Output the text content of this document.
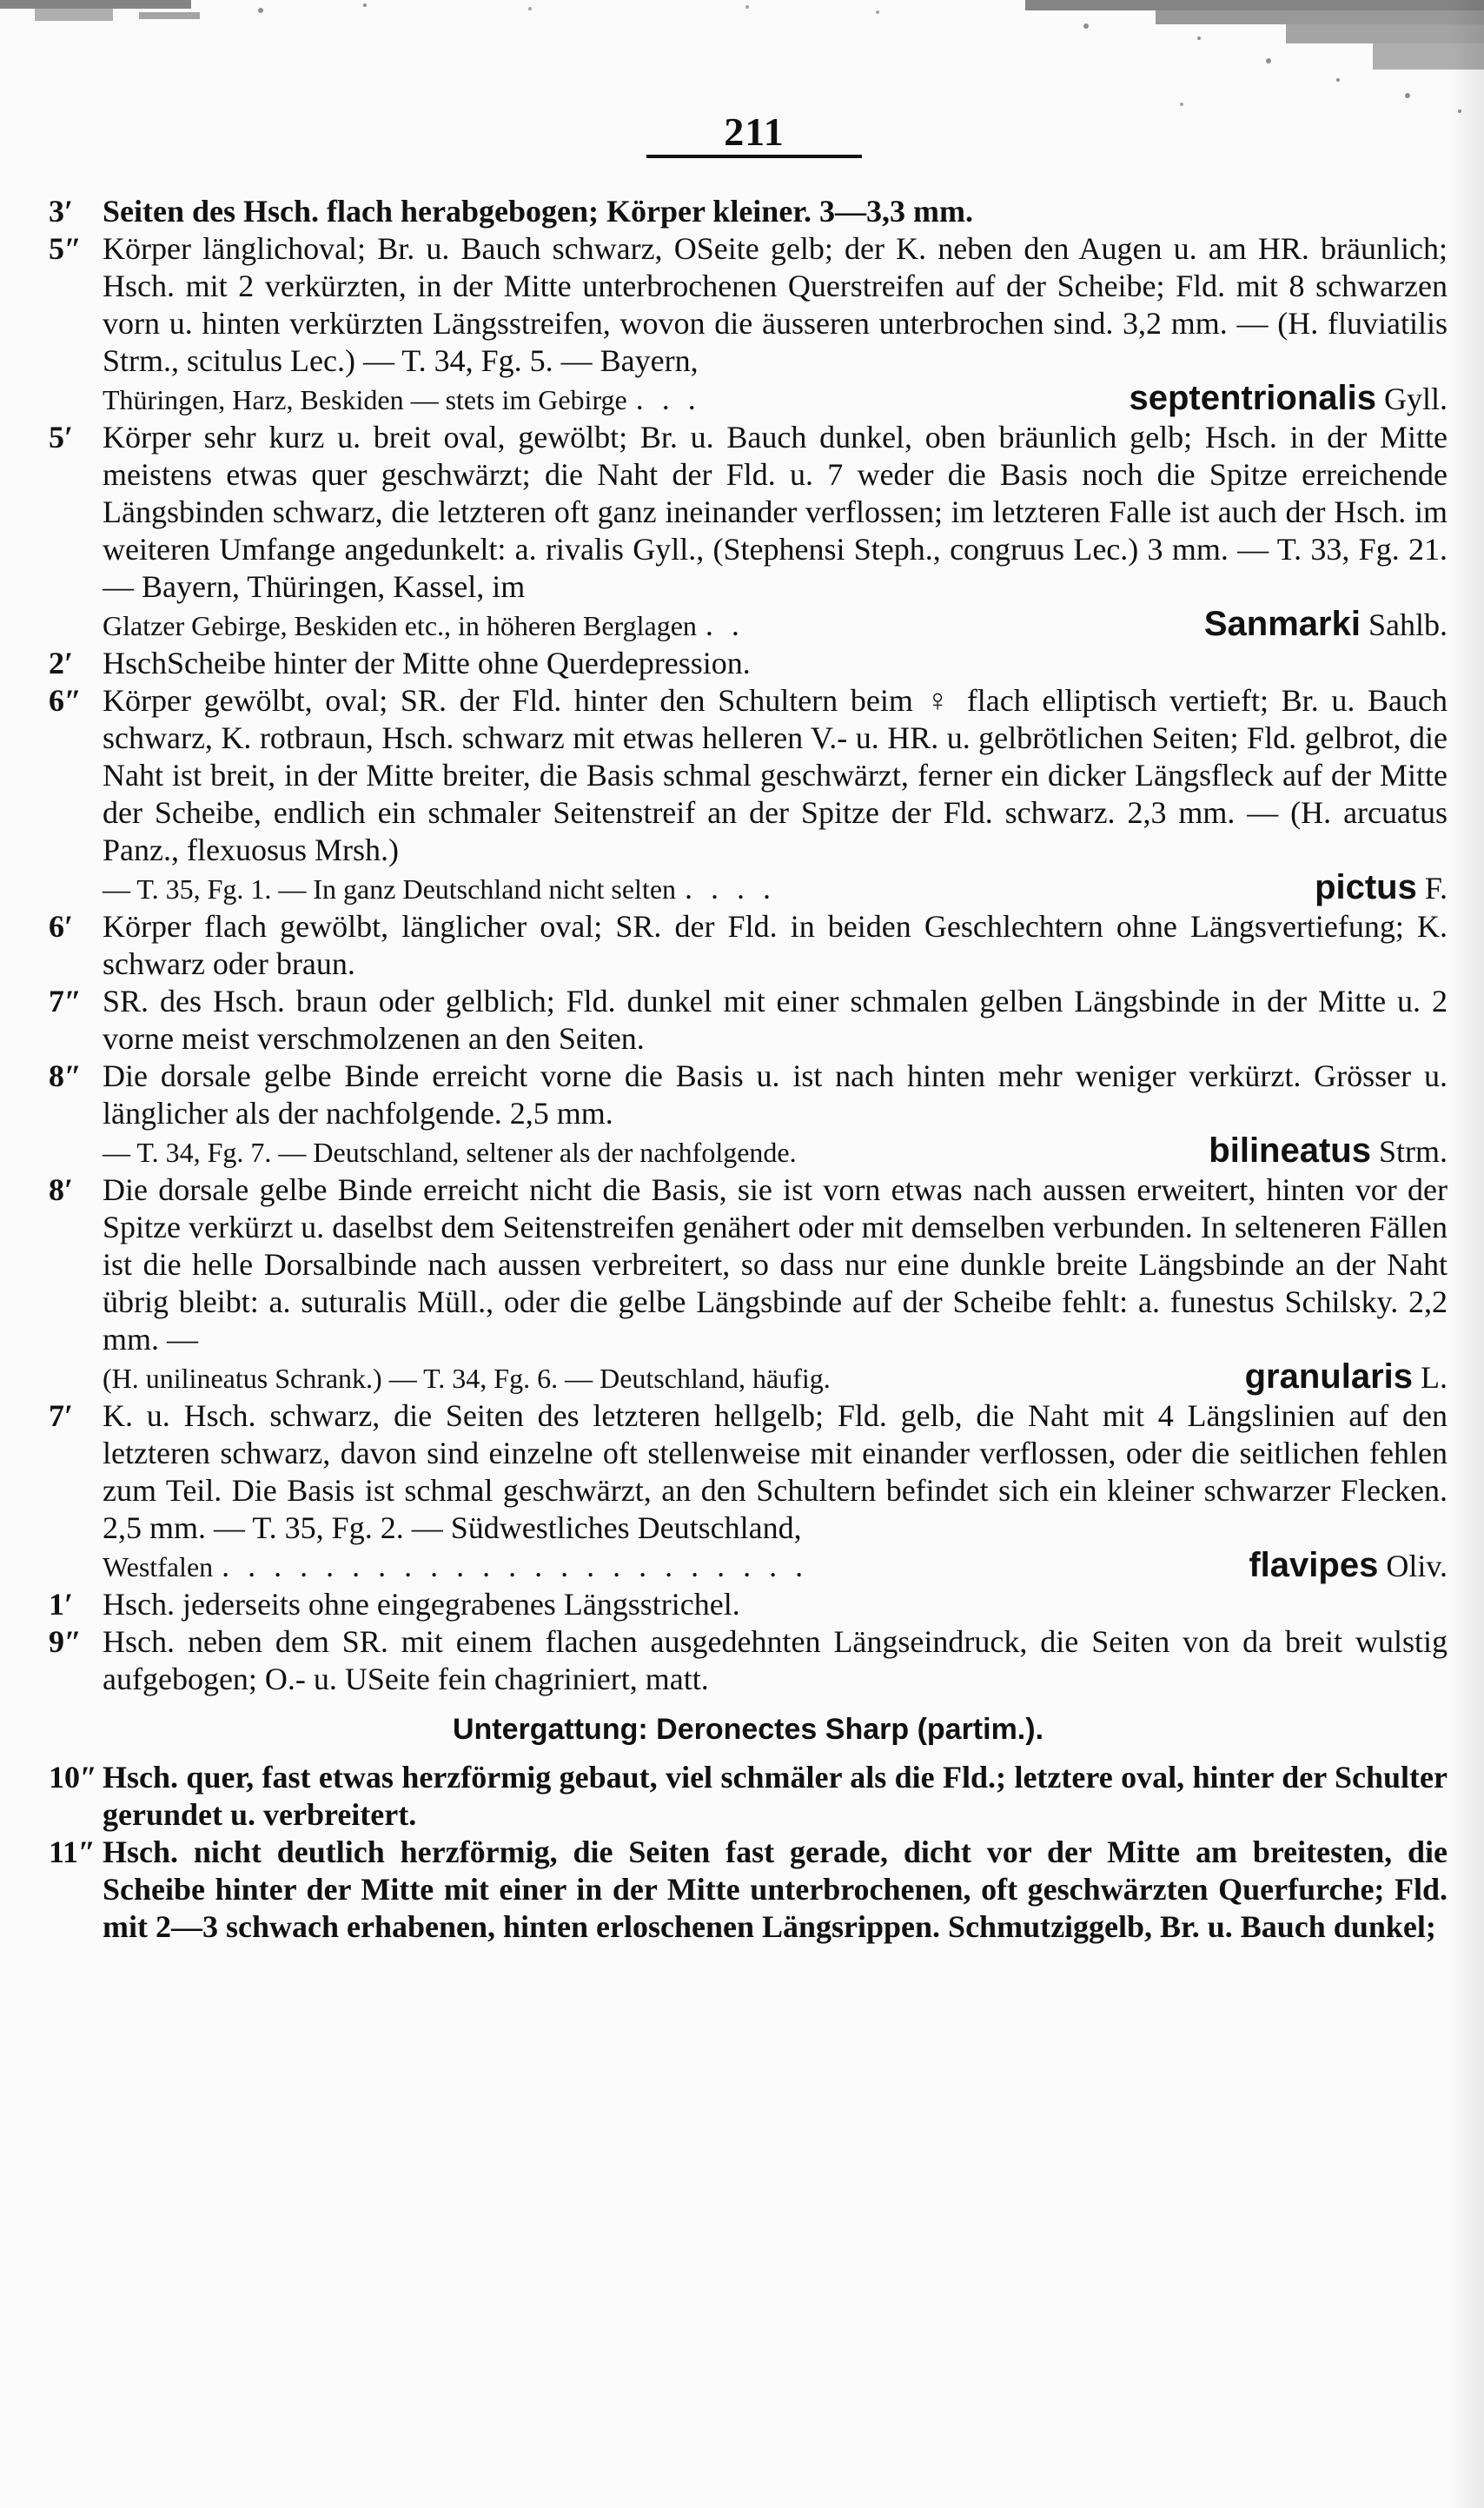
211
3′ Seiten des Hsch. flach herabgebogen; Körper kleiner. 3—3,3 mm.
5″ Körper länglichoval; Br. u. Bauch schwarz, OSeite gelb; der K. neben den Augen u. am HR. bräunlich; Hsch. mit 2 verkürzten, in der Mitte unterbrochenen Querstreifen auf der Scheibe; Fld. mit 8 schwarzen vorn u. hinten verkürzten Längsstreifen, wovon die äusseren unterbrochen sind. 3,2 mm. — (H. fluviatilis Strm., scitulus Lec.) — T. 34, Fg. 5. — Bayern,
Thüringen, Harz, Beskiden — stets im Gebirge . . .	septentrionalis Gyll.
5′ Körper sehr kurz u. breit oval, gewölbt; Br. u. Bauch dunkel, oben bräunlich gelb; Hsch. in der Mitte meistens etwas quer geschwärzt; die Naht der Fld. u. 7 weder die Basis noch die Spitze erreichende Längsbinden schwarz, die letzteren oft ganz ineinander verflossen; im letzteren Falle ist auch der Hsch. im weiteren Umfange angedunkelt: a. rivalis Gyll., (Stephensi Steph., congruus Lec.) 3 mm. — T. 33, Fg. 21. — Bayern, Thüringen, Kassel, im
Glatzer Gebirge, Beskiden etc., in höheren Berglagen . .	Sanmarki Sahlb.
2′ HschScheibe hinter der Mitte ohne Querdepression.
6″ Körper gewölbt, oval; SR. der Fld. hinter den Schultern beim ♀ flach elliptisch vertieft; Br. u. Bauch schwarz, K. rotbraun, Hsch. schwarz mit etwas helleren V.- u. HR. u. gelbrötlichen Seiten; Fld. gelbrot, die Naht ist breit, in der Mitte breiter, die Basis schmal geschwärzt, ferner ein dicker Längsfleck auf der Mitte der Scheibe, endlich ein schmaler Seitenstreif an der Spitze der Fld. schwarz. 2,3 mm. — (H. arcuatus Panz., flexuosus Mrsh.)
— T. 35, Fg. 1. — In ganz Deutschland nicht selten . . . .	pictus F.
6′ Körper flach gewölbt, länglicher oval; SR. der Fld. in beiden Geschlechtern ohne Längsvertiefung; K. schwarz oder braun.
7″ SR. des Hsch. braun oder gelblich; Fld. dunkel mit einer schmalen gelben Längsbinde in der Mitte u. 2 vorne meist verschmolzenen an den Seiten.
8″ Die dorsale gelbe Binde erreicht vorne die Basis u. ist nach hinten mehr weniger verkürzt. Grösser u. länglicher als der nachfolgende. 2,5 mm.
— T. 34, Fg. 7. — Deutschland, seltener als der nachfolgende.	bilineatus Strm.
8′ Die dorsale gelbe Binde erreicht nicht die Basis, sie ist vorn etwas nach aussen erweitert, hinten vor der Spitze verkürzt u. daselbst dem Seitenstreifen genähert oder mit demselben verbunden. In selteneren Fällen ist die helle Dorsalbinde nach aussen verbreitert, so dass nur eine dunkle breite Längsbinde an der Naht übrig bleibt: a. suturalis Müll., oder die gelbe Längsbinde auf der Scheibe fehlt: a. funestus Schilsky. 2,2 mm. —
(H. unilineatus Schrank.) — T. 34, Fg. 6. — Deutschland, häufig.	granularis L.
7′ K. u. Hsch. schwarz, die Seiten des letzteren hellgelb; Fld. gelb, die Naht mit 4 Längslinien auf den letzteren schwarz, davon sind einzelne oft stellenweise mit einander verflossen, oder die seitlichen fehlen zum Teil. Die Basis ist schmal geschwärzt, an den Schultern befindet sich ein kleiner schwarzer Flecken. 2,5 mm. — T. 35, Fg. 2. — Südwestliches Deutschland,
Westfalen . . . . . . . . . . . . . . . . . . . . . . .	flavipes Oliv.
1′ Hsch. jederseits ohne eingegrabenes Längsstrichel.
9″ Hsch. neben dem SR. mit einem flachen ausgedehnten Längseindruck, die Seiten von da breit wulstig aufgebogen; O.- u. USeite fein chagriniert, matt.
Untergattung: Deronectes Sharp (partim.).
10″ Hsch. quer, fast etwas herzförmig gebaut, viel schmäler als die Fld.; letztere oval, hinter der Schulter gerundet u. verbreitert.
11″ Hsch. nicht deutlich herzförmig, die Seiten fast gerade, dicht vor der Mitte am breitesten, die Scheibe hinter der Mitte mit einer in der Mitte unterbrochenen, oft geschwärzten Querfurche; Fld. mit 2—3 schwach erhabenen, hinten erloschenen Längsrippen. Schmutziggelb, Br. u. Bauch dunkel;
